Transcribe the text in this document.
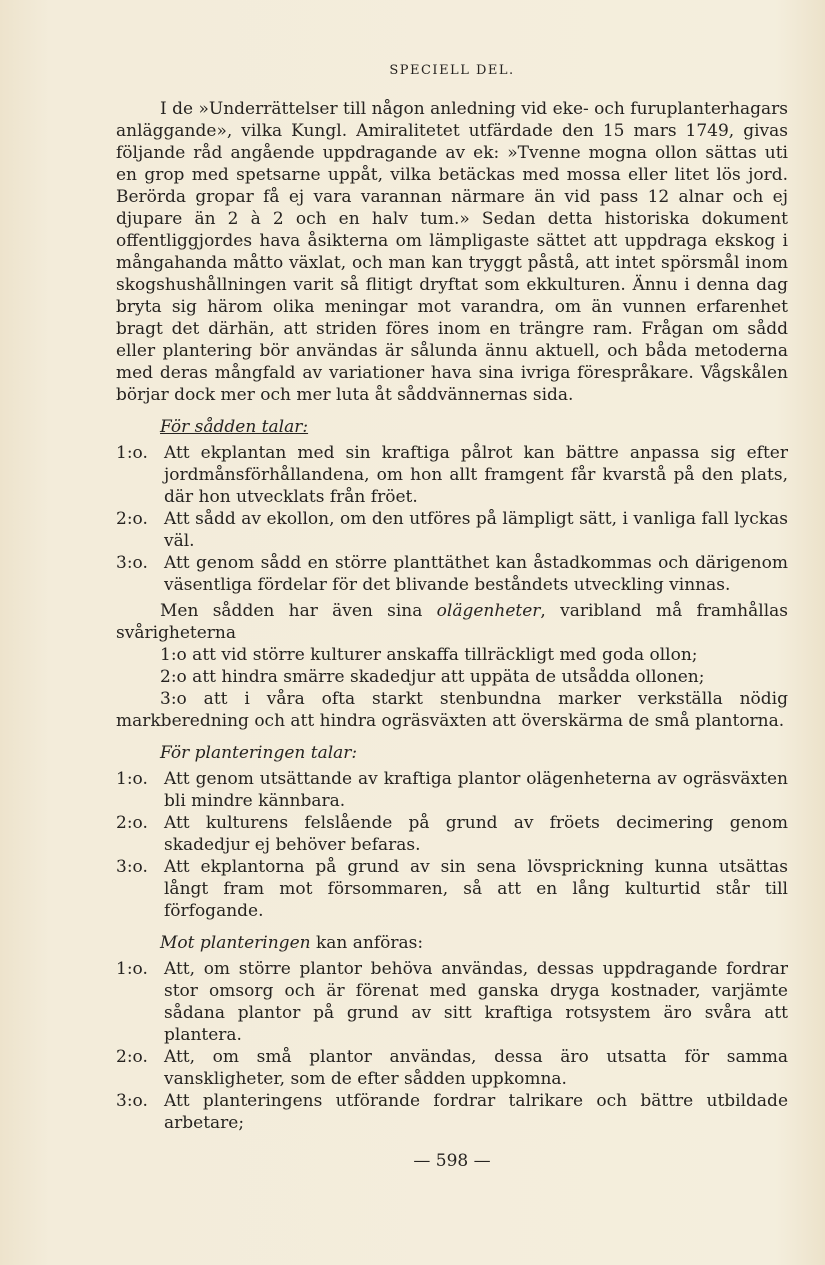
SPECIELL DEL.

I de »Underrättelser till någon anledning vid eke- och furuplanterhagars anläggande», vilka Kungl. Amiralitetet utfärdade den 15 mars 1749, givas följande råd angående uppdragande av ek: »Tvenne mogna ollon sättas uti en grop med spetsarne uppåt, vilka betäckas med mossa eller litet lös jord. Berörda gropar få ej vara varannan närmare än vid pass 12 alnar och ej djupare än 2 à 2 och en halv tum.» Sedan detta historiska dokument offentliggjordes hava åsikterna om lämpligaste sättet att uppdraga ekskog i mångahanda måtto växlat, och man kan tryggt påstå, att intet spörsmål inom skogshushållningen varit så flitigt dryftat som ekkulturen. Ännu i denna dag bryta sig härom olika meningar mot varandra, om än vunnen erfarenhet bragt det därhän, att striden föres inom en trängre ram. Frågan om sådd eller plantering bör användas är sålunda ännu aktuell, och båda metoderna med deras mångfald av variationer hava sina ivriga förespråkare. Vågskålen börjar dock mer och mer luta åt såddvännernas sida.

För sådden talar:
1:o. Att ekplantan med sin kraftiga pålrot kan bättre anpassa sig efter jordmånsförhållandena, om hon allt framgent får kvarstå på den plats, där hon utvecklats från fröet.
2:o. Att sådd av ekollon, om den utföres på lämpligt sätt, i vanliga fall lyckas väl.
3:o. Att genom sådd en större planttäthet kan åstadkommas och därigenom väsentliga fördelar för det blivande beståndets utveckling vinnas.

Men sådden har även sina olägenheter, varibland må framhållas svårigheterna

1:o att vid större kulturer anskaffa tillräckligt med goda ollon;

2:o att hindra smärre skadedjur att uppäta de utsådda ollonen;

3:o att i våra ofta starkt stenbundna marker verkställa nödig markberedning och att hindra ogräsväxten att överskärma de små plantorna.

För planteringen talar:
1:o. Att genom utsättande av kraftiga plantor olägenheterna av ogräsväxten bli mindre kännbara.
2:o. Att kulturens felslående på grund av fröets decimering genom skadedjur ej behöver befaras.
3:o. Att ekplantorna på grund av sin sena lövsprickning kunna utsättas långt fram mot försommaren, så att en lång kulturtid står till förfogande.
Mot planteringen kan anföras:
1:o. Att, om större plantor behöva användas, dessas uppdragande fordrar stor omsorg och är förenat med ganska dryga kostnader, varjämte sådana plantor på grund av sitt kraftiga rotsystem äro svåra att plantera.
2:o. Att, om små plantor användas, dessa äro utsatta för samma vanskligheter, som de efter sådden uppkomna.
3:o. Att planteringens utförande fordrar talrikare och bättre utbildade arbetare;
— 598 —
